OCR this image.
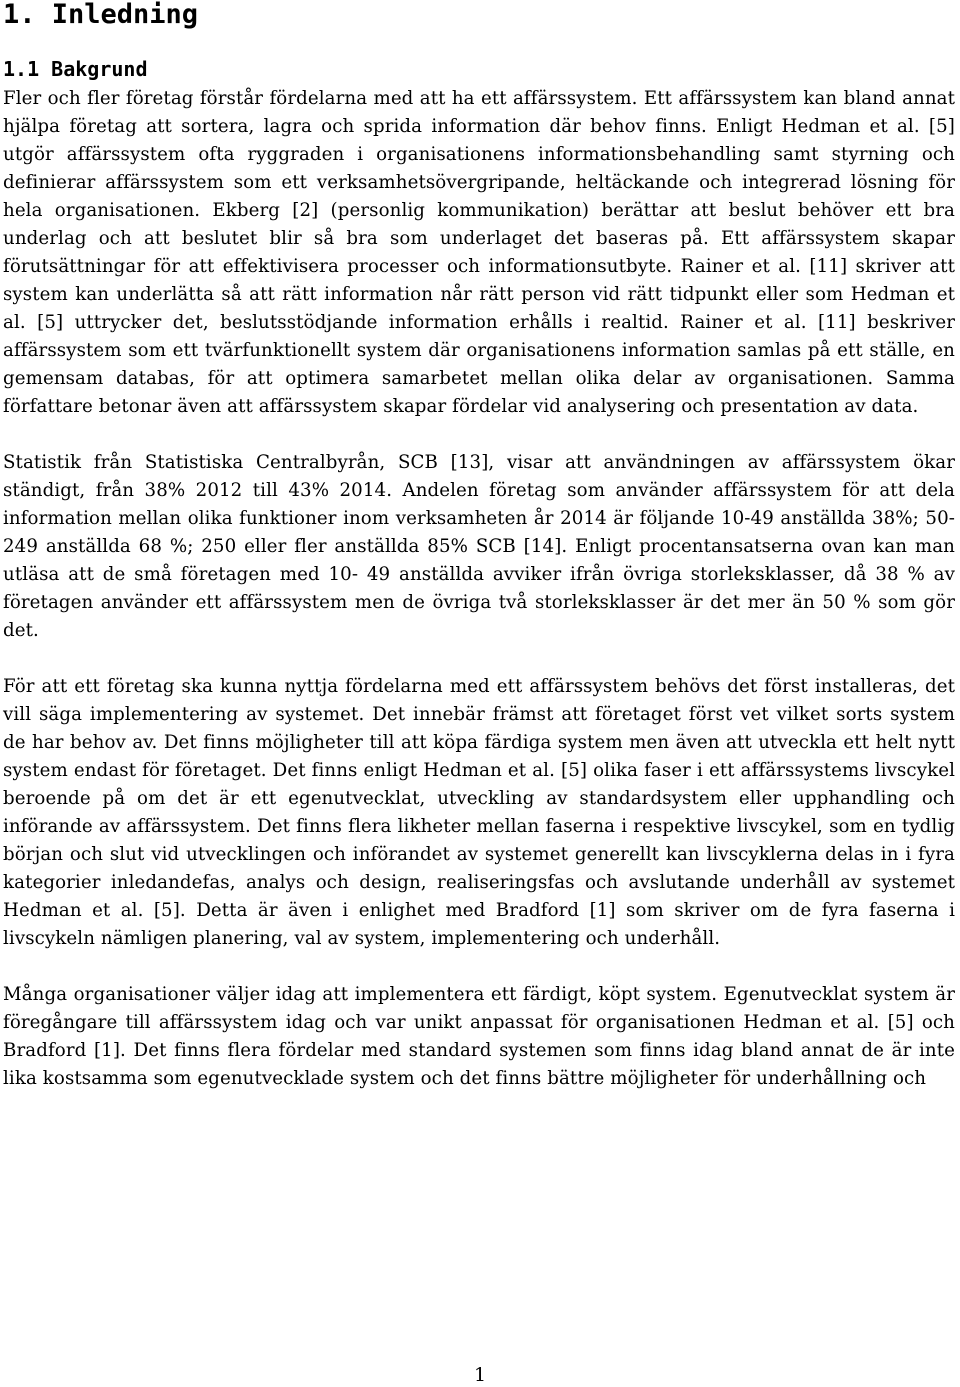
1. Inledning
1.1 Bakgrund

Fler och fler företag förstår fördelarna med att ha ett affärssystem. Ett affärssystem kan bland annat hjälpa företag att sortera, lagra och sprida information där behov finns. Enligt Hedman et al. [5] utgör affärssystem ofta ryggraden i organisationens informationsbehandling samt styrning och definierar affärssystem som ett verksamhetsövergripande, heltäckande och integrerad lösning för hela organisationen. Ekberg [2] (personlig kommunikation) berättar att beslut behöver ett bra underlag och att beslutet blir så bra som underlaget det baseras på. Ett affärssystem skapar förutsättningar för att effektivisera processer och informationsutbyte. Rainer et al. [11] skriver att system kan underlätta så att rätt information når rätt person vid rätt tidpunkt eller som Hedman et al. [5] uttrycker det, beslutsstödjande information erhålls i realtid. Rainer et al. [11] beskriver affärssystem som ett tvärfunktionellt system där organisationens information samlas på ett ställe, en gemensam databas, för att optimera samarbetet mellan olika delar av organisationen. Samma författare betonar även att affärssystem skapar fördelar vid analysering och presentation av data.

Statistik från Statistiska Centralbyrån, SCB [13], visar att användningen av affärssystem ökar ständigt, från 38% 2012 till 43% 2014. Andelen företag som använder affärssystem för att dela information mellan olika funktioner inom verksamheten år 2014 är följande 10-49 anställda 38%; 50-249 anställda 68 %; 250 eller fler anställda 85% SCB [14]. Enligt procentansatserna ovan kan man utläsa att de små företagen med 10- 49 anställda avviker ifrån övriga storleksklasser, då 38 % av företagen använder ett affärssystem men de övriga två storleksklasser är det mer än 50 % som gör det.

För att ett företag ska kunna nyttja fördelarna med ett affärssystem behövs det först installeras, det vill säga implementering av systemet. Det innebär främst att företaget först vet vilket sorts system de har behov av. Det finns möjligheter till att köpa färdiga system men även att utveckla ett helt nytt system endast för företaget. Det finns enligt Hedman et al. [5] olika faser i ett affärssystems livscykel beroende på om det är ett egenutvecklat, utveckling av standardsystem eller upphandling och införande av affärssystem. Det finns flera likheter mellan faserna i respektive livscykel, som en tydlig början och slut vid utvecklingen och införandet av systemet generellt kan livscyklerna delas in i fyra kategorier inledandefas, analys och design, realiseringsfas och avslutande underhåll av systemet Hedman et al. [5]. Detta är även i enlighet med Bradford [1] som skriver om de fyra faserna i livscykeln nämligen planering, val av system, implementering och underhåll.

Många organisationer väljer idag att implementera ett färdigt, köpt system. Egenutvecklat system är föregångare till affärssystem idag och var unikt anpassat för organisationen Hedman et al. [5] och Bradford [1]. Det finns flera fördelar med standard systemen som finns idag bland annat de är inte lika kostsamma som egenutvecklade system och det finns bättre möjligheter för underhållning och

1
